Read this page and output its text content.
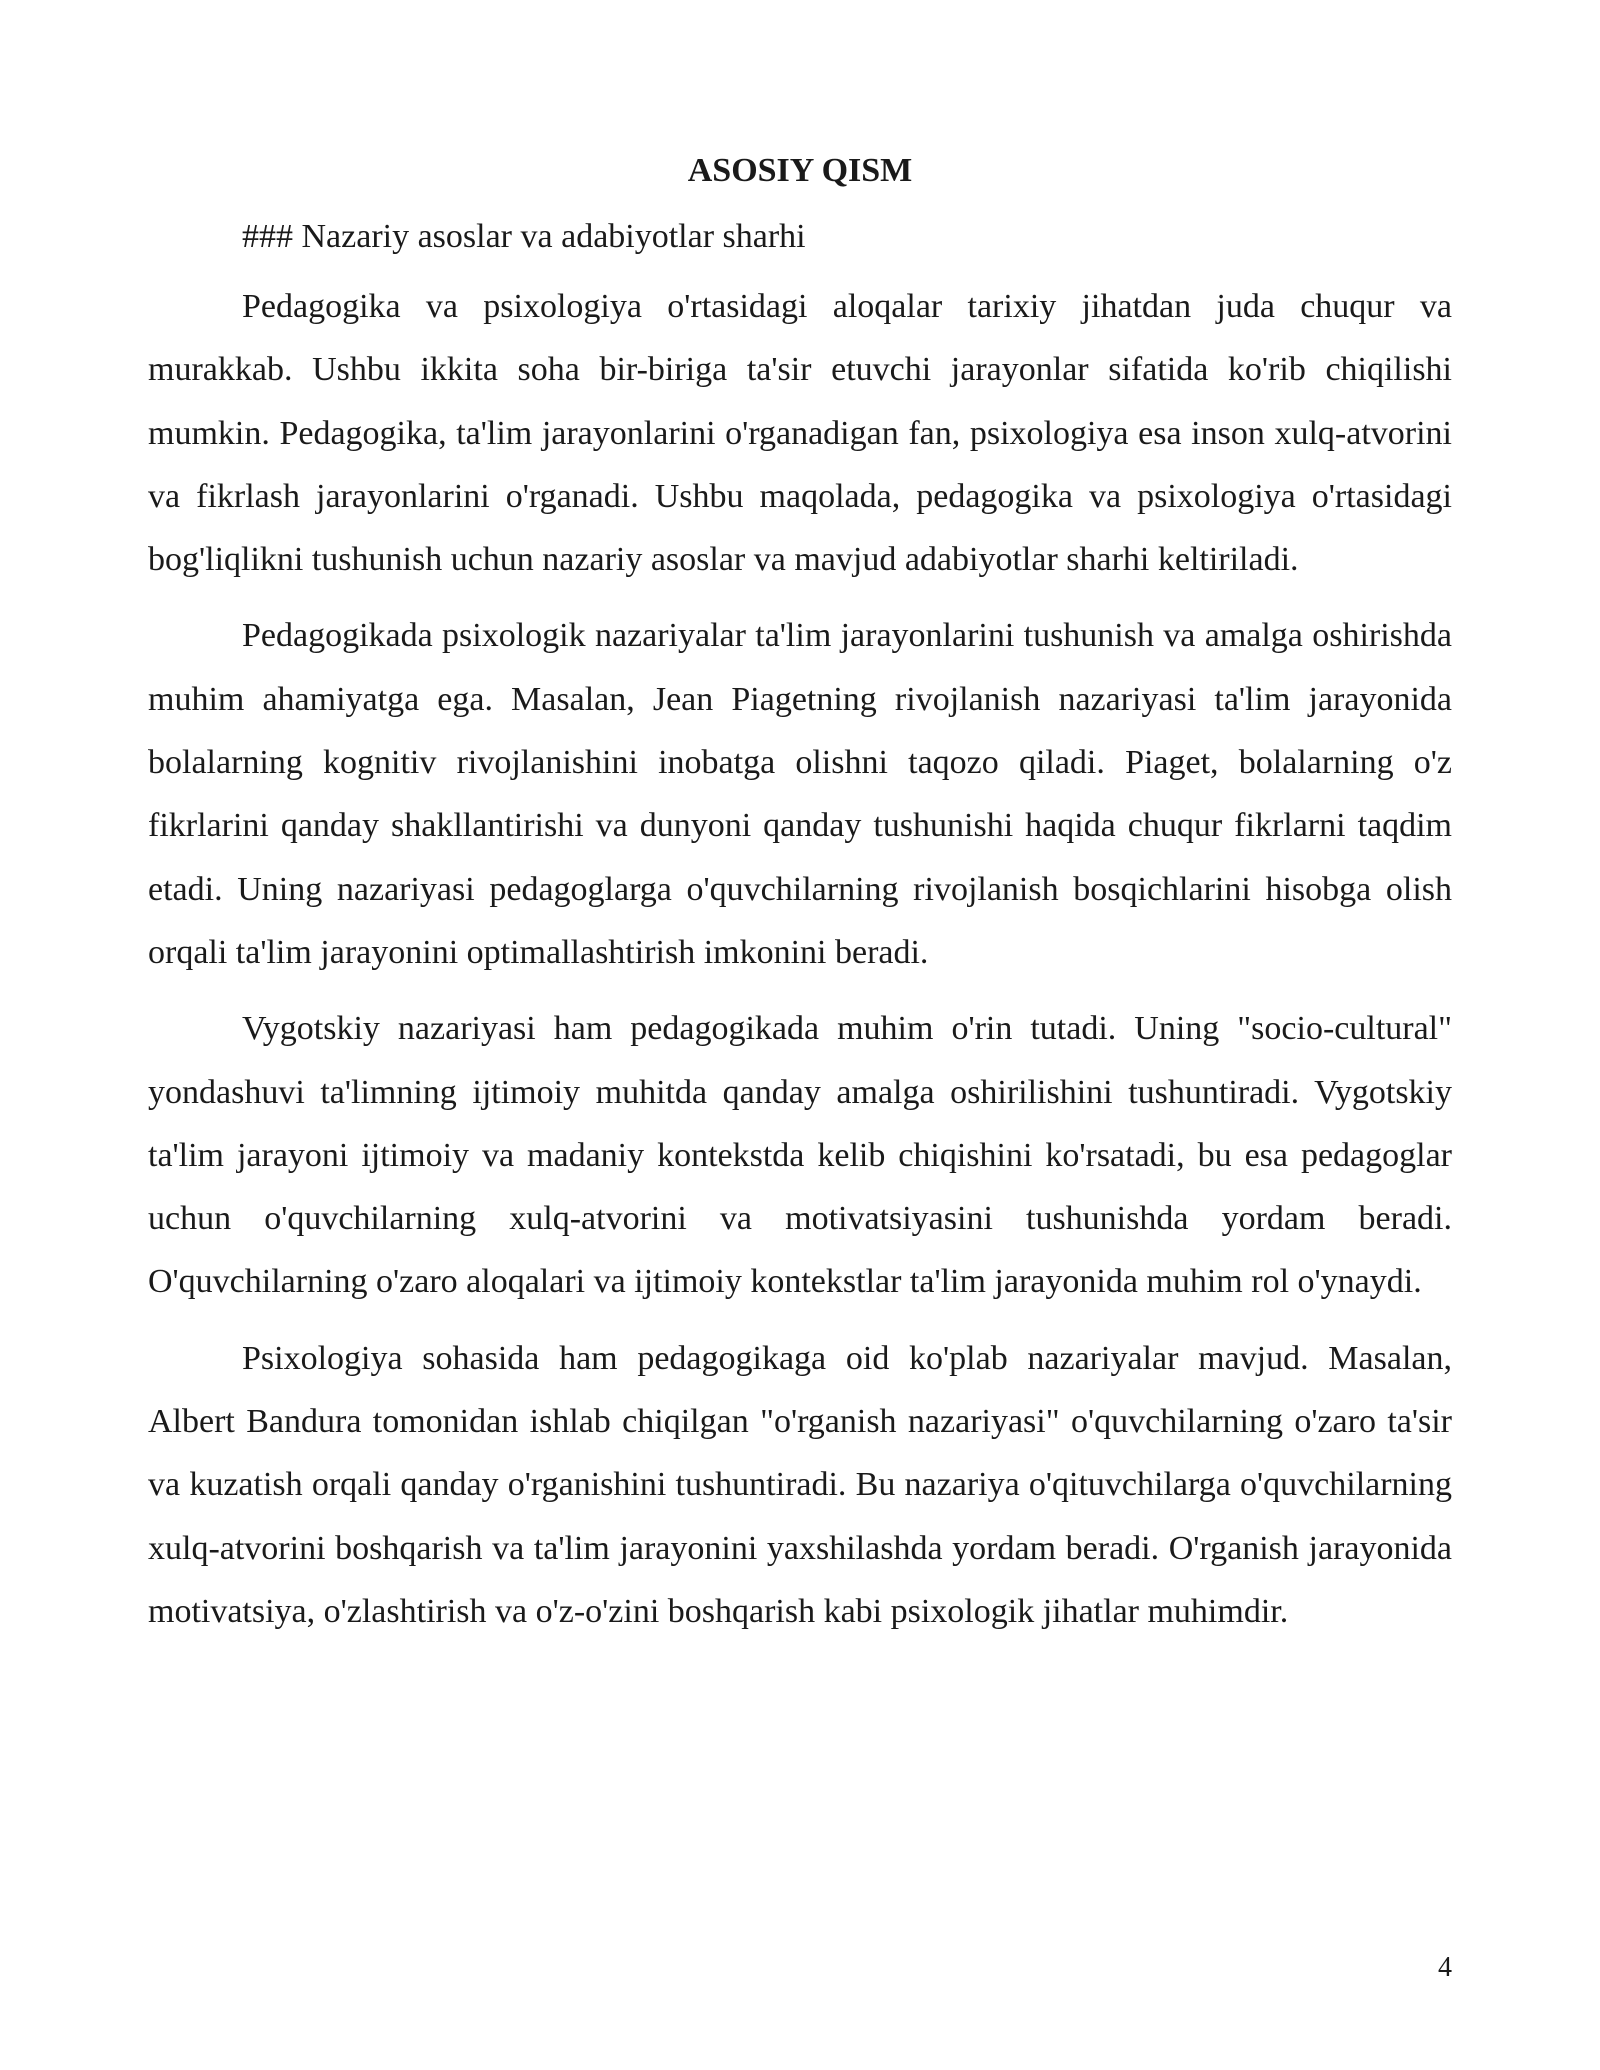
ASOSIY QISM
### Nazariy asoslar va adabiyotlar sharhi

Pedagogika va psixologiya o'rtasidagi aloqalar tarixiy jihatdan juda chuqur va murakkab. Ushbu ikkita soha bir-biriga ta'sir etuvchi jarayonlar sifatida ko'rib chiqilishi mumkin. Pedagogika, ta'lim jarayonlarini o'rganadigan fan, psixologiya esa inson xulq-atvorini va fikrlash jarayonlarini o'rganadi. Ushbu maqolada, pedagogika va psixologiya o'rtasidagi bog'liqlikni tushunish uchun nazariy asoslar va mavjud adabiyotlar sharhi keltiriladi.

Pedagogikada psixologik nazariyalar ta'lim jarayonlarini tushunish va amalga oshirishda muhim ahamiyatga ega. Masalan, Jean Piagetning rivojlanish nazariyasi ta'lim jarayonida bolalarning kognitiv rivojlanishini inobatga olishni taqozo qiladi. Piaget, bolalarning o'z fikrlarini qanday shakllantirishi va dunyoni qanday tushunishi haqida chuqur fikrlarni taqdim etadi. Uning nazariyasi pedagoglarga o'quvchilarning rivojlanish bosqichlarini hisobga olish orqali ta'lim jarayonini optimallashtirish imkonini beradi.

Vygotskiy nazariyasi ham pedagogikada muhim o'rin tutadi. Uning "socio-cultural" yondashuvi ta'limning ijtimoiy muhitda qanday amalga oshirilishini tushuntiradi. Vygotskiy ta'lim jarayoni ijtimoiy va madaniy kontekstda kelib chiqishini ko'rsatadi, bu esa pedagoglar uchun o'quvchilarning xulq-atvorini va motivatsiyasini tushunishda yordam beradi. O'quvchilarning o'zaro aloqalari va ijtimoiy kontekstlar ta'lim jarayonida muhim rol o'ynaydi.

Psixologiya sohasida ham pedagogikaga oid ko'plab nazariyalar mavjud. Masalan, Albert Bandura tomonidan ishlab chiqilgan "o'rganish nazariyasi" o'quvchilarning o'zaro ta'sir va kuzatish orqali qanday o'rganishini tushuntiradi. Bu nazariya o'qituvchilarga o'quvchilarning xulq-atvorini boshqarish va ta'lim jarayonini yaxshilashda yordam beradi. O'rganish jarayonida motivatsiya, o'zlashtirish va o'z-o'zini boshqarish kabi psixologik jihatlar muhimdir.

4
